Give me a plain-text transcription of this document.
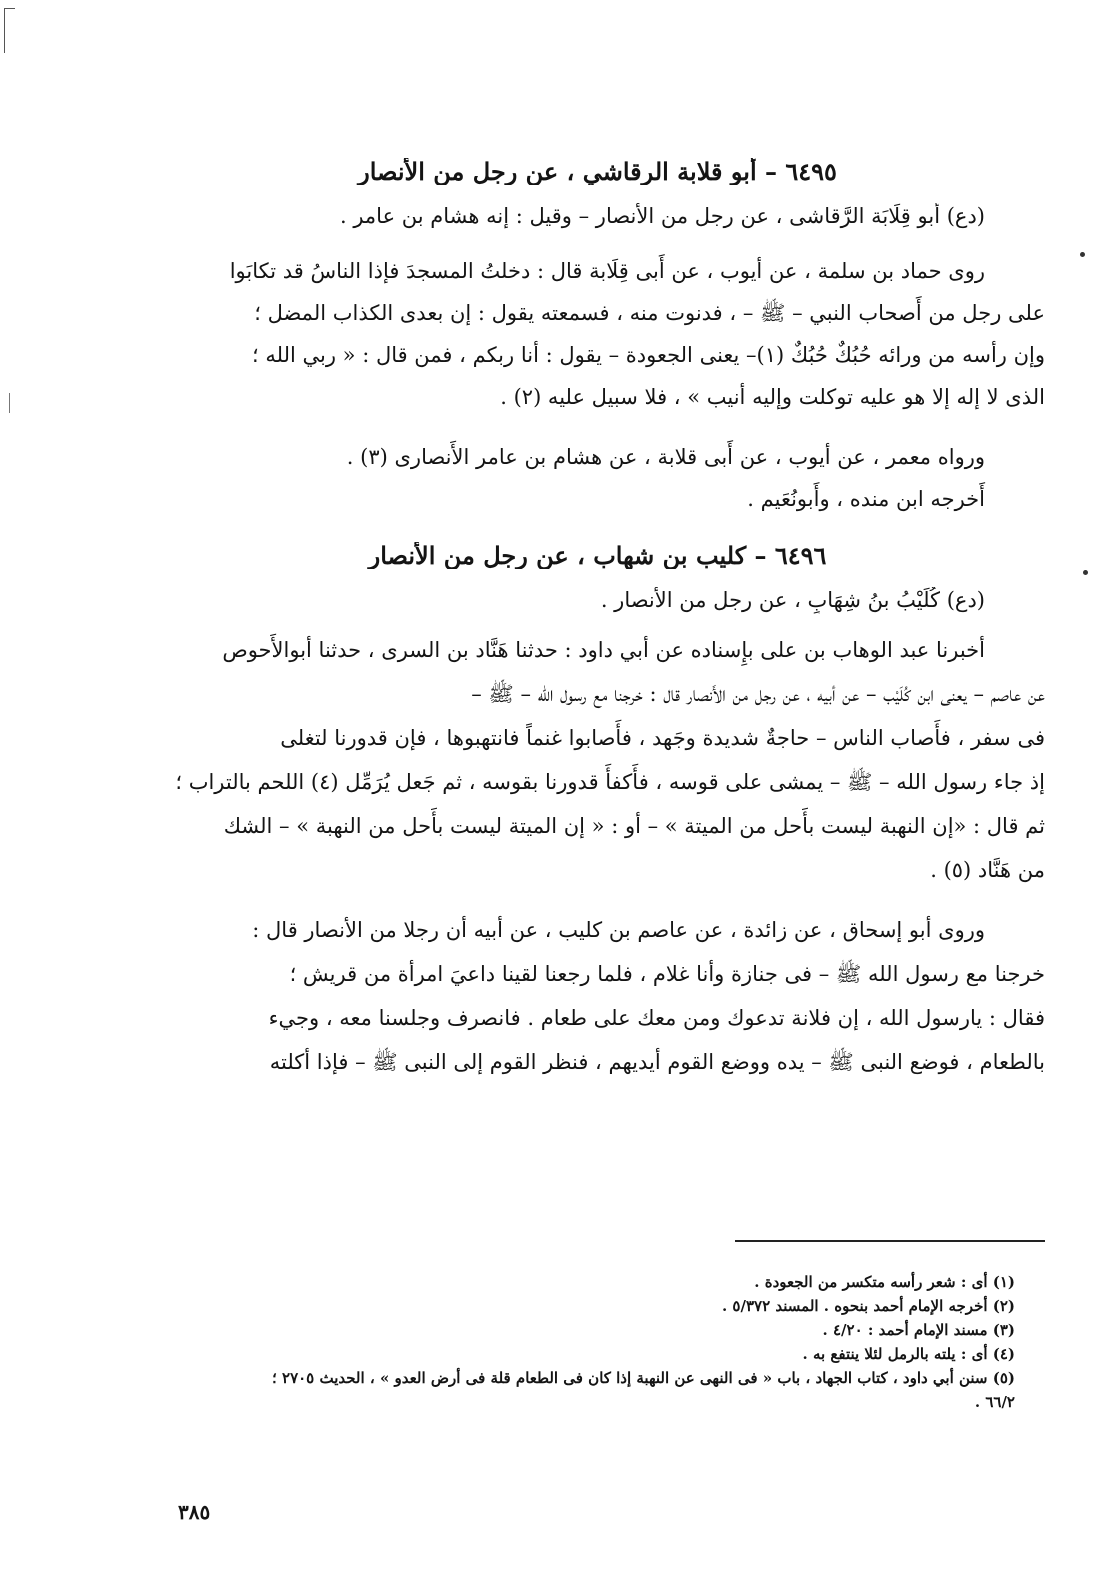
٦٤٩٥ – أبو قلابة الرقاشي ، عن رجل من الأنصار

(دع) أبو قِلَابَة الرَّقاشى ، عن رجل من الأَنصار – وقيل : إنه هشام بن عامر .

روى حماد بن سلمة ، عن أيوب ، عن أَبى قِلَابة قال : دخلتُ المسجدَ فإذا الناسُ قد تكابَوا

على رجل من أَصحاب النبي – ﷺ – ، فدنوت منه ، فسمعته يقول : إن بعدى الكذاب المضل ؛

وإن رأسه من ورائه حُبُكٌ حُبُكٌ (١)– يعنى الجعودة – يقول : أنا ربكم ، فمن قال : « ربي الله ؛

الذى لا إله إلا هو عليه توكلت وإليه أنيب » ، فلا سبيل عليه (٢) .

ورواه معمر ، عن أيوب ، عن أَبى قلابة ، عن هشام بن عامر الأَنصارى (٣) .

أَخرجه ابن منده ، وأَبونُعَيم .

٦٤٩٦ – كليب بن شهاب ، عن رجل من الأنصار

(دع) كُلَيْبُ بنُ شِهَابٍ ، عن رجل من الأَنصار .

أخبرنا عبد الوهاب بن على بإِسناده عن أبي داود : حدثنا هَنَّاد بن السرى ، حدثنا أبوالأَحوص

عن عاصم – يعنى ابن كُلَيْب – عن أبيه ، عن رجل من الأَنصار قال : خرجنا مع رسول الله – ﷺ –

فى سفر ، فأَصاب الناس – حاجةٌ شديدة وجَهد ، فأَصابوا غنماً فانتهبوها ، فإن قدورنا لتغلى

إذ جاء رسول الله – ﷺ – يمشى على قوسه ، فأَكفأَ قدورنا بقوسه ، ثم جَعل يُرَمِّل (٤) اللحم بالتراب ؛

ثم قال : «إن النهبة ليست بأَحل من الميتة » – أو : « إن الميتة ليست بأَحل من النهبة » – الشك

من هَنَّاد (٥) .

وروى أبو إسحاق ، عن زائدة ، عن عاصم بن كليب ، عن أبيه أن رجلا من الأنصار قال :

خرجنا مع رسول الله ﷺ – فى جنازة وأنا غلام ، فلما رجعنا لقينا داعيَ امرأة من قريش ؛

فقال : يارسول الله ، إن فلانة تدعوك ومن معك على طعام . فانصرف وجلسنا معه ، وجيء

بالطعام ، فوضع النبى ﷺ – يده ووضع القوم أيديهم ، فنظر القوم إلى النبى ﷺ – فإذا أكلته

(١) أى : شعر رأسه متكسر من الجعودة .

(٢) أخرجه الإمام أحمد بنحوه . المسند ٥/٣٧٢ .

(٣) مسند الإمام أحمد : ٤/٢٠ .

(٤) أى : يلته بالرمل لئلا ينتفع به .

(٥) سنن أبي داود ، كتاب الجهاد ، باب « فى النهى عن النهبة إذا كان فى الطعام قلة فى أرض العدو » ، الحديث ٢٧٠٥ ؛

٦٦/٢ .

٣٨٥
